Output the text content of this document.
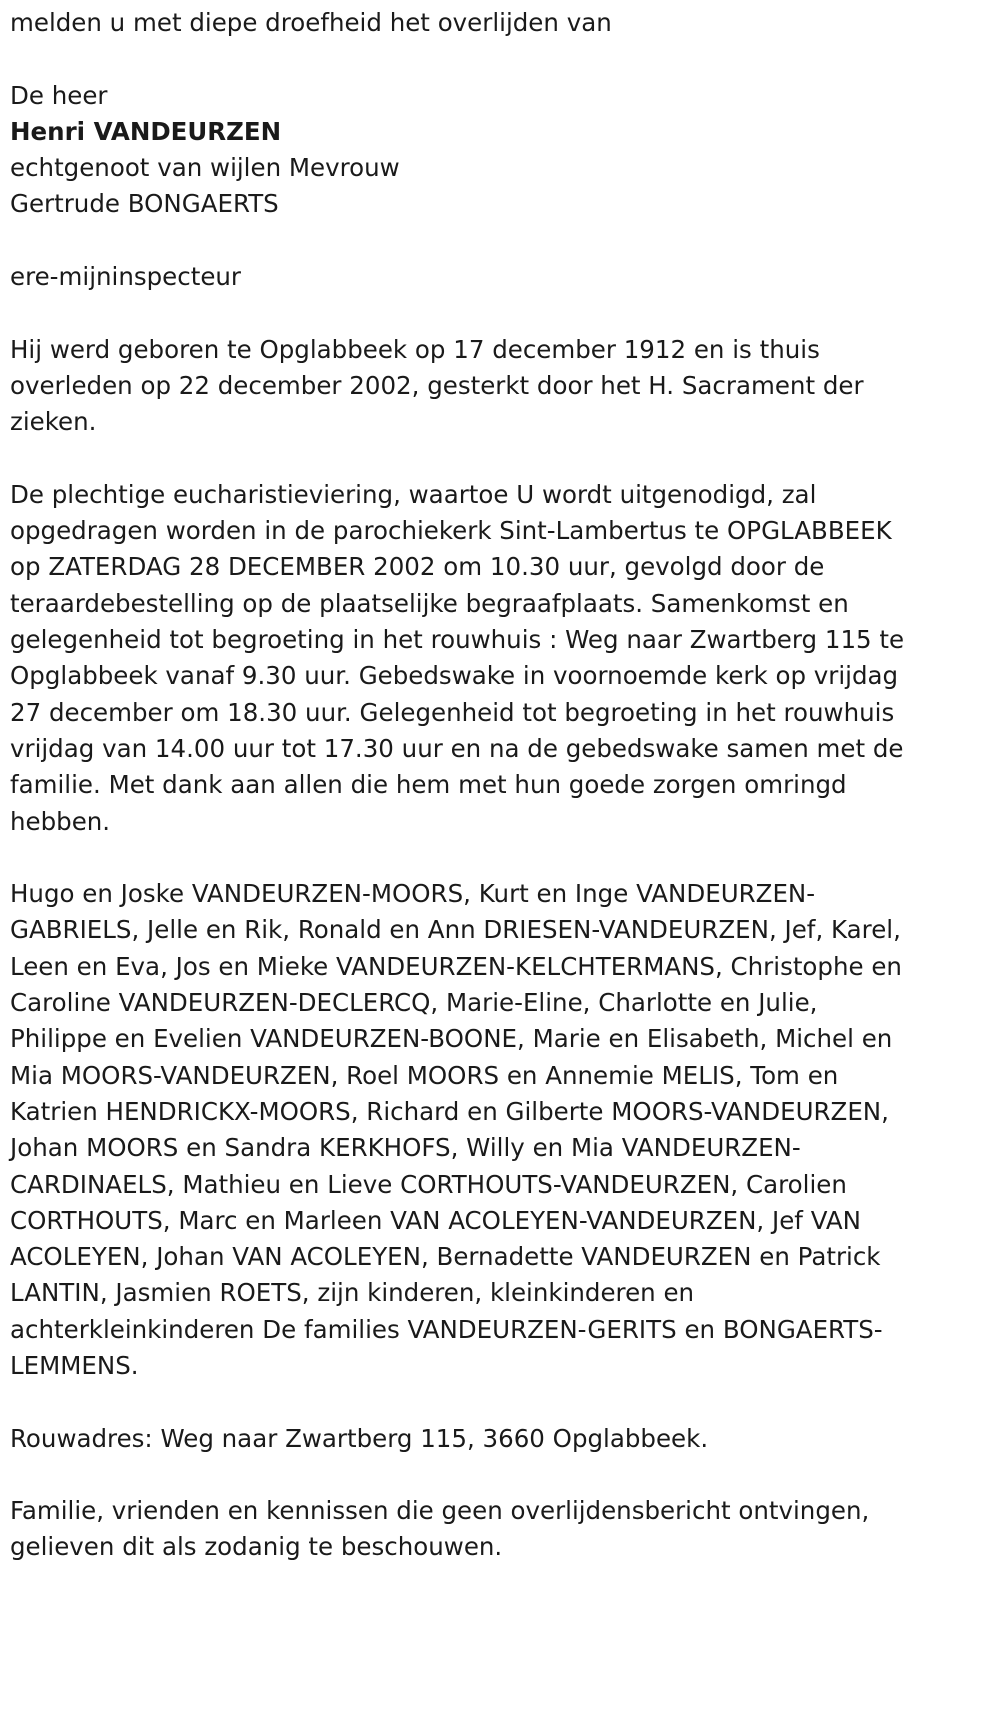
melden u met diepe droefheid het overlijden van
De heer
Henri VANDEURZEN
echtgenoot van wijlen Mevrouw
Gertrude BONGAERTS
ere-mijninspecteur
Hij werd geboren te Opglabbeek op 17 december 1912 en is thuis overleden op 22 december 2002, gesterkt door het H. Sacrament der zieken.
De plechtige eucharistieviering, waartoe U wordt uitgenodigd, zal opgedragen worden in de parochiekerk Sint-Lambertus te OPGLABBEEK op ZATERDAG 28 DECEMBER 2002 om 10.30 uur, gevolgd door de teraardebestelling op de plaatselijke begraafplaats. Samenkomst en gelegenheid tot begroeting in het rouwhuis : Weg naar Zwartberg 115 te Opglabbeek vanaf 9.30 uur. Gebedswake in voornoemde kerk op vrijdag 27 december om 18.30 uur. Gelegenheid tot begroeting in het rouwhuis vrijdag van 14.00 uur tot 17.30 uur en na de gebedswake samen met de familie. Met dank aan allen die hem met hun goede zorgen omringd hebben.
Hugo en Joske VANDEURZEN-MOORS, Kurt en Inge VANDEURZEN-GABRIELS, Jelle en Rik, Ronald en Ann DRIESEN-VANDEURZEN, Jef, Karel, Leen en Eva, Jos en Mieke VANDEURZEN-KELCHTERMANS, Christophe en Caroline VANDEURZEN-DECLERCQ, Marie-Eline, Charlotte en Julie, Philippe en Evelien VANDEURZEN-BOONE, Marie en Elisabeth, Michel en Mia MOORS-VANDEURZEN, Roel MOORS en Annemie MELIS, Tom en Katrien HENDRICKX-MOORS, Richard en Gilberte MOORS-VANDEURZEN, Johan MOORS en Sandra KERKHOFS, Willy en Mia VANDEURZEN-CARDINAELS, Mathieu en Lieve CORTHOUTS-VANDEURZEN, Carolien CORTHOUTS, Marc en Marleen VAN ACOLEYEN-VANDEURZEN, Jef VAN ACOLEYEN, Johan VAN ACOLEYEN, Bernadette VANDEURZEN en Patrick LANTIN, Jasmien ROETS, zijn kinderen, kleinkinderen en achterkleinkinderen De families VANDEURZEN-GERITS en BONGAERTS-LEMMENS.
Rouwadres: Weg naar Zwartberg 115, 3660 Opglabbeek.
Familie, vrienden en kennissen die geen overlijdensbericht ontvingen, gelieven dit als zodanig te beschouwen.
